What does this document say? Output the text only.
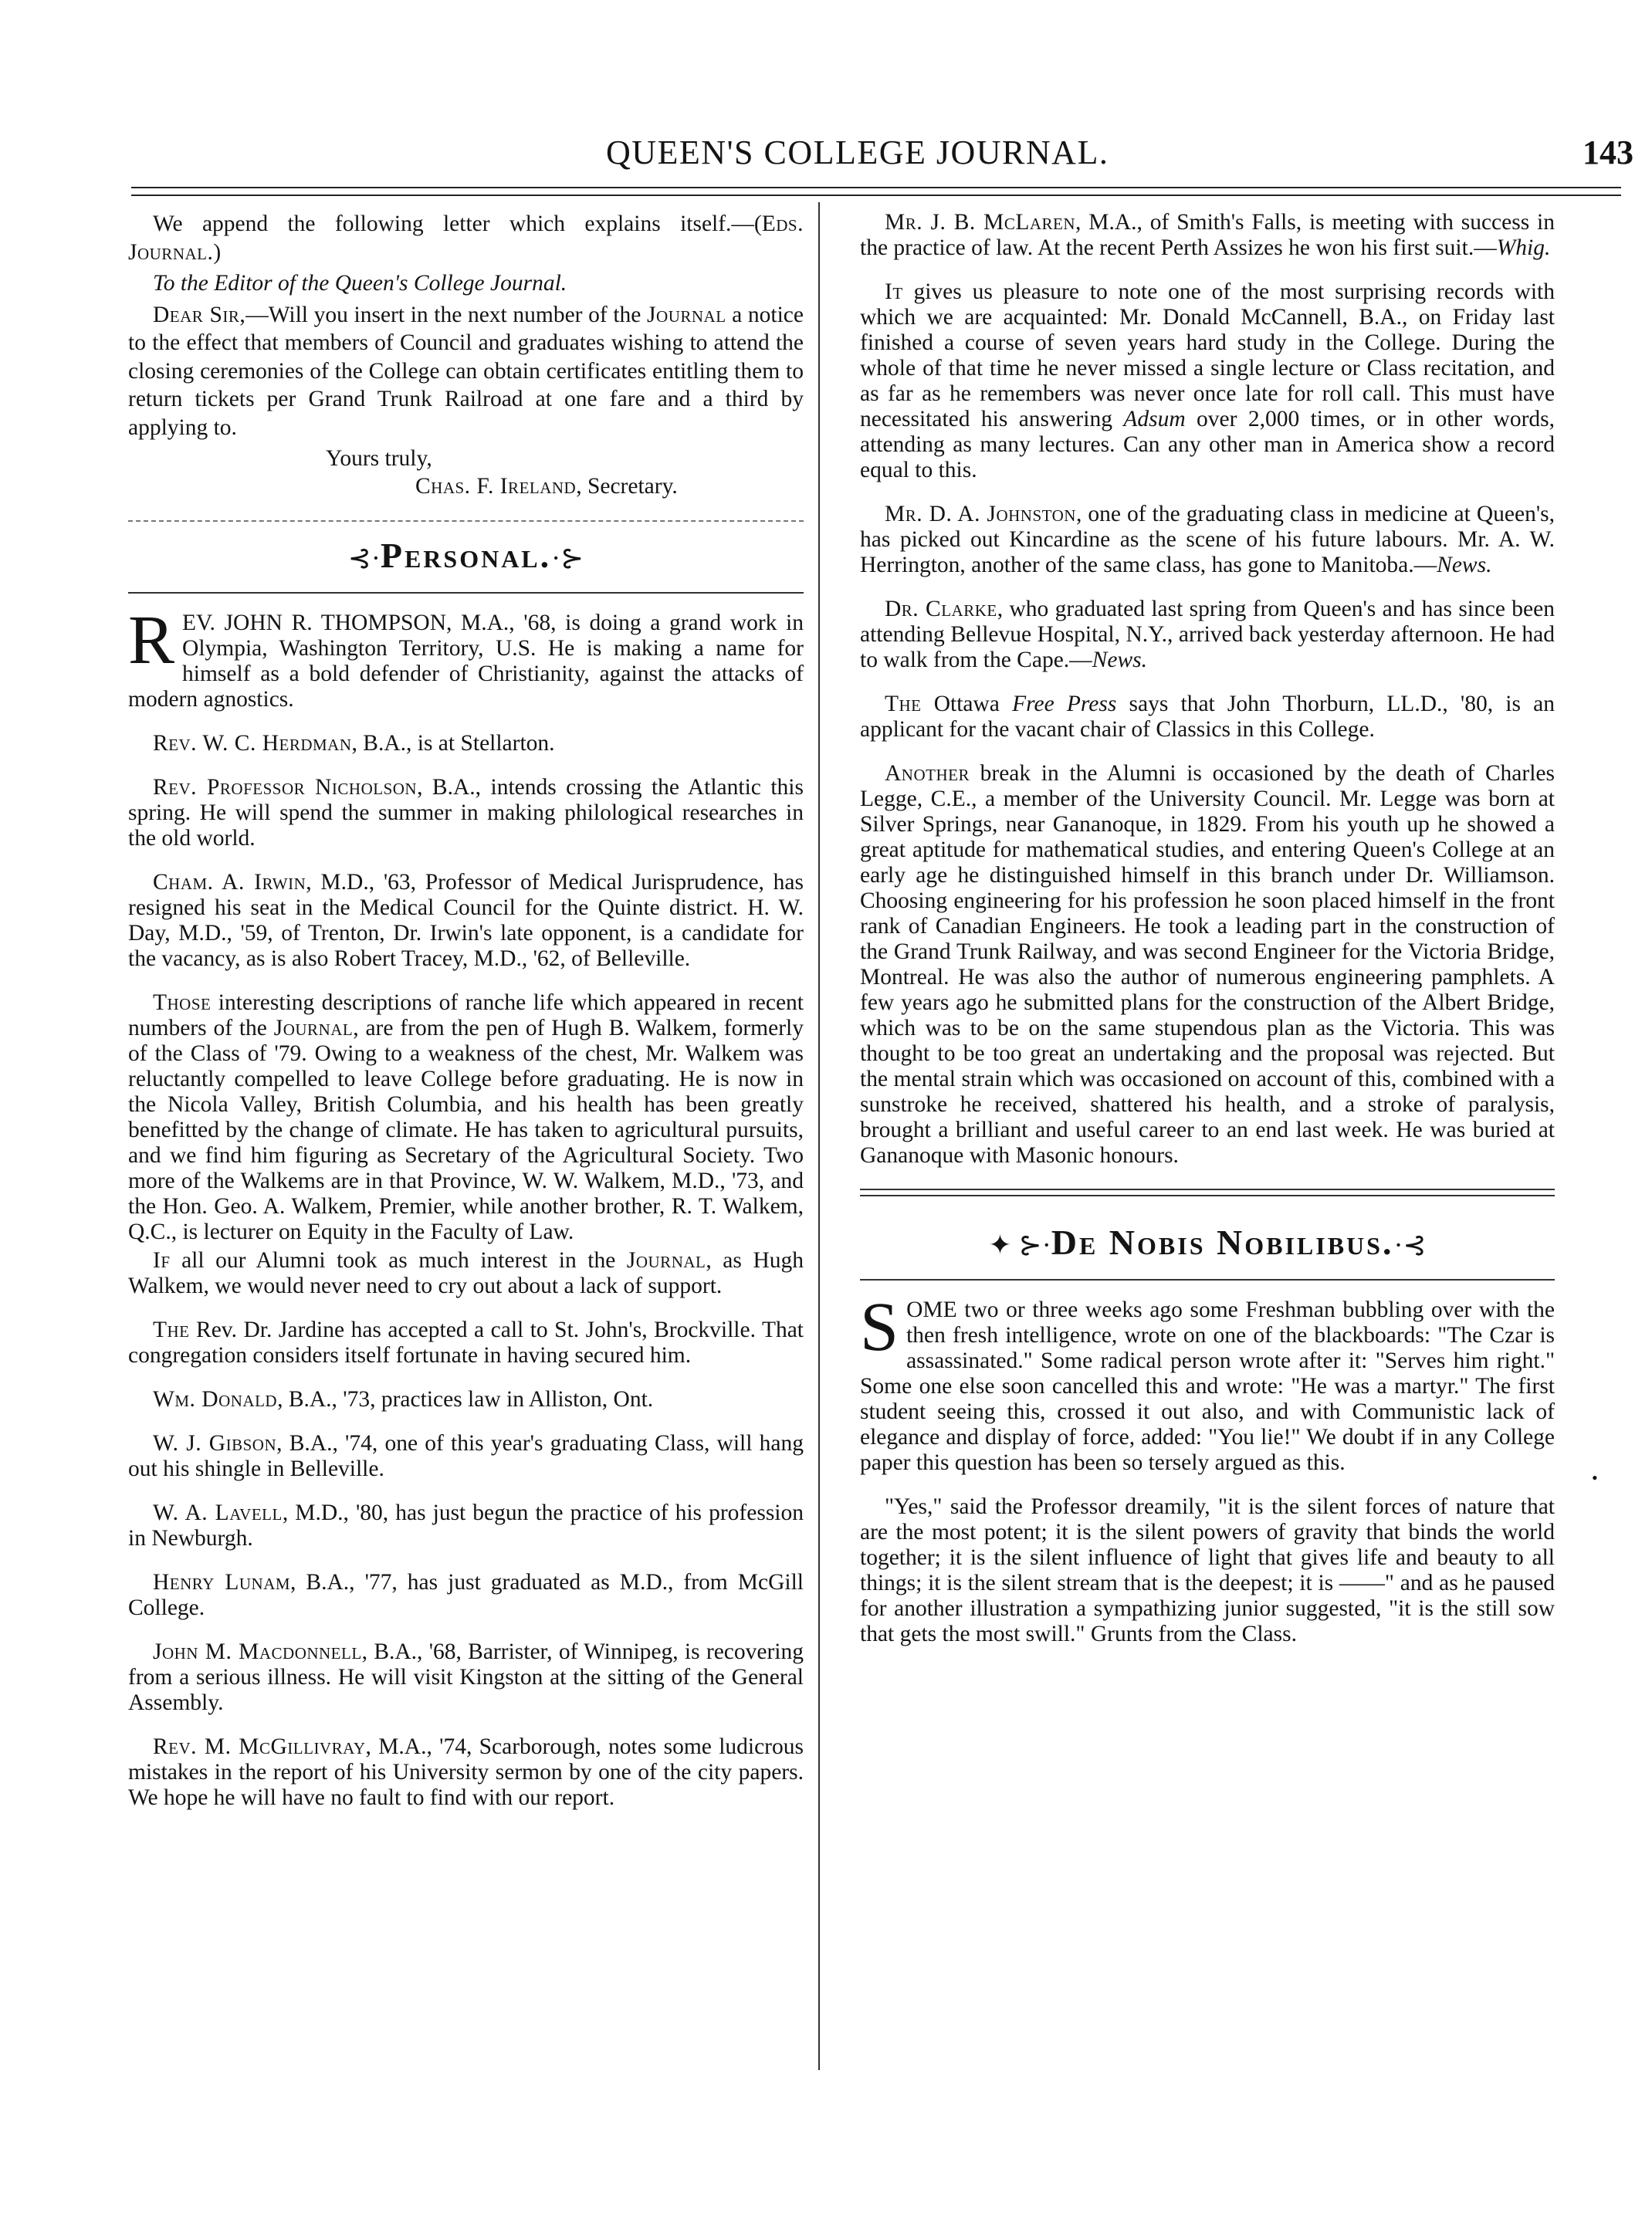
QUEEN'S COLLEGE JOURNAL.	143

We append the following letter which explains itself.—(Eds. Journal.)

To the Editor of the Queen's College Journal.

Dear Sir,—Will you insert in the next number of the Journal a notice to the effect that members of Council and graduates wishing to attend the closing ceremonies of the College can obtain certificates entitling them to return tickets per Grand Trunk Railroad at one fare and a third by applying to.

Yours truly,
Chas. F. Ireland, Secretary.
⊰·Personal.·⊱

REV. JOHN R. THOMPSON, M.A., '68, is doing a grand work in Olympia, Washington Territory, U.S. He is making a name for himself as a bold defender of Christianity, against the attacks of modern agnostics.

Rev. W. C. Herdman, B.A., is at Stellarton.

Rev. Professor Nicholson, B.A., intends crossing the Atlantic this spring. He will spend the summer in making philological researches in the old world.

Cham. A. Irwin, M.D., '63, Professor of Medical Jurisprudence, has resigned his seat in the Medical Council for the Quinte district. H. W. Day, M.D., '59, of Trenton, Dr. Irwin's late opponent, is a candidate for the vacancy, as is also Robert Tracey, M.D., '62, of Belleville.

Those interesting descriptions of ranche life which appeared in recent numbers of the Journal, are from the pen of Hugh B. Walkem, formerly of the Class of '79. Owing to a weakness of the chest, Mr. Walkem was reluctantly compelled to leave College before graduating. He is now in the Nicola Valley, British Columbia, and his health has been greatly benefitted by the change of climate. He has taken to agricultural pursuits, and we find him figuring as Secretary of the Agricultural Society. Two more of the Walkems are in that Province, W. W. Walkem, M.D., '73, and the Hon. Geo. A. Walkem, Premier, while another brother, R. T. Walkem, Q.C., is lecturer on Equity in the Faculty of Law.

If all our Alumni took as much interest in the Journal, as Hugh Walkem, we would never need to cry out about a lack of support.

The Rev. Dr. Jardine has accepted a call to St. John's, Brockville. That congregation considers itself fortunate in having secured him.

Wm. Donald, B.A., '73, practices law in Alliston, Ont.

W. J. Gibson, B.A., '74, one of this year's graduating Class, will hang out his shingle in Belleville.

W. A. Lavell, M.D., '80, has just begun the practice of his profession in Newburgh.

Henry Lunam, B.A., '77, has just graduated as M.D., from McGill College.

John M. Macdonnell, B.A., '68, Barrister, of Winnipeg, is recovering from a serious illness. He will visit Kingston at the sitting of the General Assembly.

Rev. M. McGillivray, M.A., '74, Scarborough, notes some ludicrous mistakes in the report of his University sermon by one of the city papers. We hope he will have no fault to find with our report.

Mr. J. B. McLaren, M.A., of Smith's Falls, is meeting with success in the practice of law. At the recent Perth Assizes he won his first suit.—Whig.

It gives us pleasure to note one of the most surprising records with which we are acquainted: Mr. Donald McCannell, B.A., on Friday last finished a course of seven years hard study in the College. During the whole of that time he never missed a single lecture or Class recitation, and as far as he remembers was never once late for roll call. This must have necessitated his answering Adsum over 2,000 times, or in other words, attending as many lectures. Can any other man in America show a record equal to this.

Mr. D. A. Johnston, one of the graduating class in medicine at Queen's, has picked out Kincardine as the scene of his future labours. Mr. A. W. Herrington, another of the same class, has gone to Manitoba.—News.

Dr. Clarke, who graduated last spring from Queen's and has since been attending Bellevue Hospital, N.Y., arrived back yesterday afternoon. He had to walk from the Cape.—News.

The Ottawa Free Press says that John Thorburn, LL.D., '80, is an applicant for the vacant chair of Classics in this College.

Another break in the Alumni is occasioned by the death of Charles Legge, C.E., a member of the University Council. Mr. Legge was born at Silver Springs, near Gananoque, in 1829. From his youth up he showed a great aptitude for mathematical studies, and entering Queen's College at an early age he distinguished himself in this branch under Dr. Williamson. Choosing engineering for his profession he soon placed himself in the front rank of Canadian Engineers. He took a leading part in the construction of the Grand Trunk Railway, and was second Engineer for the Victoria Bridge, Montreal. He was also the author of numerous engineering pamphlets. A few years ago he submitted plans for the construction of the Albert Bridge, which was to be on the same stupendous plan as the Victoria. This was thought to be too great an undertaking and the proposal was rejected. But the mental strain which was occasioned on account of this, combined with a sunstroke he received, shattered his health, and a stroke of paralysis, brought a brilliant and useful career to an end last week. He was buried at Gananoque with Masonic honours.

✦ ⊱·De Nobis Nobilibus.·⊰

SOME two or three weeks ago some Freshman bubbling over with the then fresh intelligence, wrote on one of the blackboards: "The Czar is assassinated." Some radical person wrote after it: "Serves him right." Some one else soon cancelled this and wrote: "He was a martyr." The first student seeing this, crossed it out also, and with Communistic lack of elegance and display of force, added: "You lie!" We doubt if in any College paper this question has been so tersely argued as this.

"Yes," said the Professor dreamily, "it is the silent forces of nature that are the most potent; it is the silent powers of gravity that binds the world together; it is the silent influence of light that gives life and beauty to all things; it is the silent stream that is the deepest; it is ——" and as he paused for another illustration a sympathizing junior suggested, "it is the still sow that gets the most swill." Grunts from the Class.

•
